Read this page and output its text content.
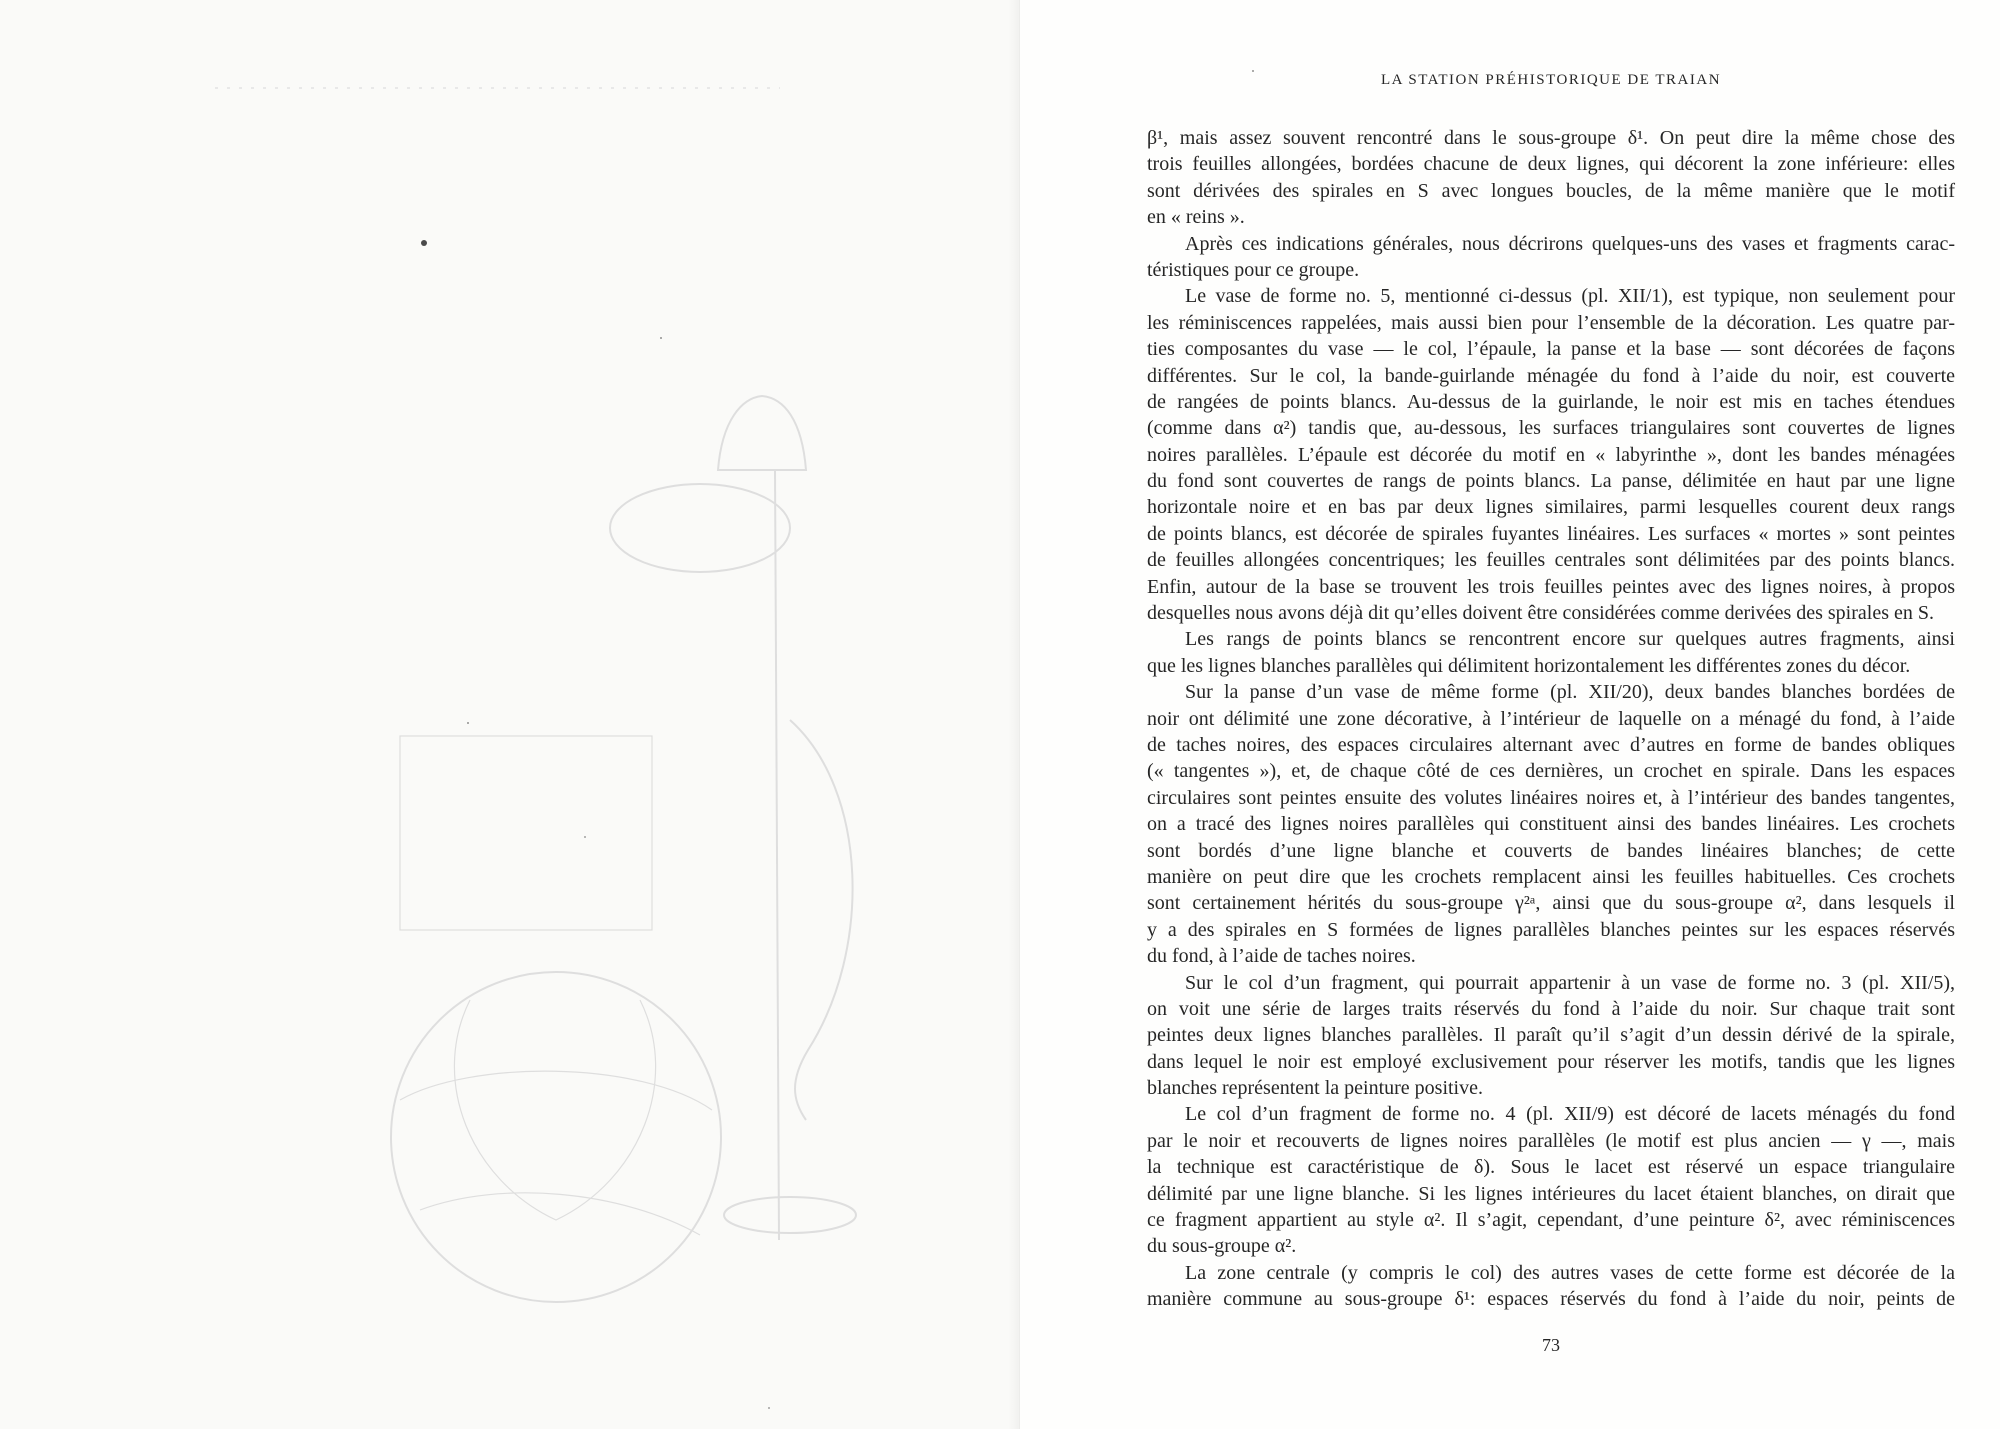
LA STATION PRÉHISTORIQUE DE TRAIAN
β¹, mais assez souvent rencontré dans le sous-groupe δ¹. On peut dire la même chose des
trois feuilles allongées, bordées chacune de deux lignes, qui décorent la zone inférieure: elles
sont dérivées des spirales en S avec longues boucles, de la même manière que le motif
en « reins ».
Après ces indications générales, nous décrirons quelques-uns des vases et fragments carac-
téristiques pour ce groupe.
Le vase de forme no. 5, mentionné ci-dessus (pl. XII/1), est typique, non seulement pour
les réminiscences rappelées, mais aussi bien pour l’ensemble de la décoration. Les quatre par-
ties composantes du vase — le col, l’épaule, la panse et la base — sont décorées de façons
différentes. Sur le col, la bande-guirlande ménagée du fond à l’aide du noir, est couverte
de rangées de points blancs. Au-dessus de la guirlande, le noir est mis en taches étendues
(comme dans α²) tandis que, au-dessous, les surfaces triangulaires sont couvertes de lignes
noires parallèles. L’épaule est décorée du motif en « labyrinthe », dont les bandes ménagées
du fond sont couvertes de rangs de points blancs. La panse, délimitée en haut par une ligne
horizontale noire et en bas par deux lignes similaires, parmi lesquelles courent deux rangs
de points blancs, est décorée de spirales fuyantes linéaires. Les surfaces « mortes » sont peintes
de feuilles allongées concentriques; les feuilles centrales sont délimitées par des points blancs.
Enfin, autour de la base se trouvent les trois feuilles peintes avec des lignes noires, à propos
desquelles nous avons déjà dit qu’elles doivent être considérées comme derivées des spirales en S.
Les rangs de points blancs se rencontrent encore sur quelques autres fragments, ainsi
que les lignes blanches parallèles qui délimitent horizontalement les différentes zones du décor.
Sur la panse d’un vase de même forme (pl. XII/20), deux bandes blanches bordées de
noir ont délimité une zone décorative, à l’intérieur de laquelle on a ménagé du fond, à l’aide
de taches noires, des espaces circulaires alternant avec d’autres en forme de bandes obliques
(« tangentes »), et, de chaque côté de ces dernières, un crochet en spirale. Dans les espaces
circulaires sont peintes ensuite des volutes linéaires noires et, à l’intérieur des bandes tangentes,
on a tracé des lignes noires parallèles qui constituent ainsi des bandes linéaires. Les crochets
sont bordés d’une ligne blanche et couverts de bandes linéaires blanches; de cette
manière on peut dire que les crochets remplacent ainsi les feuilles habituelles. Ces crochets
sont certainement hérités du sous-groupe γ²ᵃ, ainsi que du sous-groupe α², dans lesquels il
y a des spirales en S formées de lignes parallèles blanches peintes sur les espaces réservés
du fond, à l’aide de taches noires.
Sur le col d’un fragment, qui pourrait appartenir à un vase de forme no. 3 (pl. XII/5),
on voit une série de larges traits réservés du fond à l’aide du noir. Sur chaque trait sont
peintes deux lignes blanches parallèles. Il paraît qu’il s’agit d’un dessin dérivé de la spirale,
dans lequel le noir est employé exclusivement pour réserver les motifs, tandis que les lignes
blanches représentent la peinture positive.
Le col d’un fragment de forme no. 4 (pl. XII/9) est décoré de lacets ménagés du fond
par le noir et recouverts de lignes noires parallèles (le motif est plus ancien — γ —, mais
la technique est caractéristique de δ). Sous le lacet est réservé un espace triangulaire
délimité par une ligne blanche. Si les lignes intérieures du lacet étaient blanches, on dirait que
ce fragment appartient au style α². Il s’agit, cependant, d’une peinture δ², avec réminiscences
du sous-groupe α².
La zone centrale (y compris le col) des autres vases de cette forme est décorée de la
manière commune au sous-groupe δ¹: espaces réservés du fond à l’aide du noir, peints de
73
